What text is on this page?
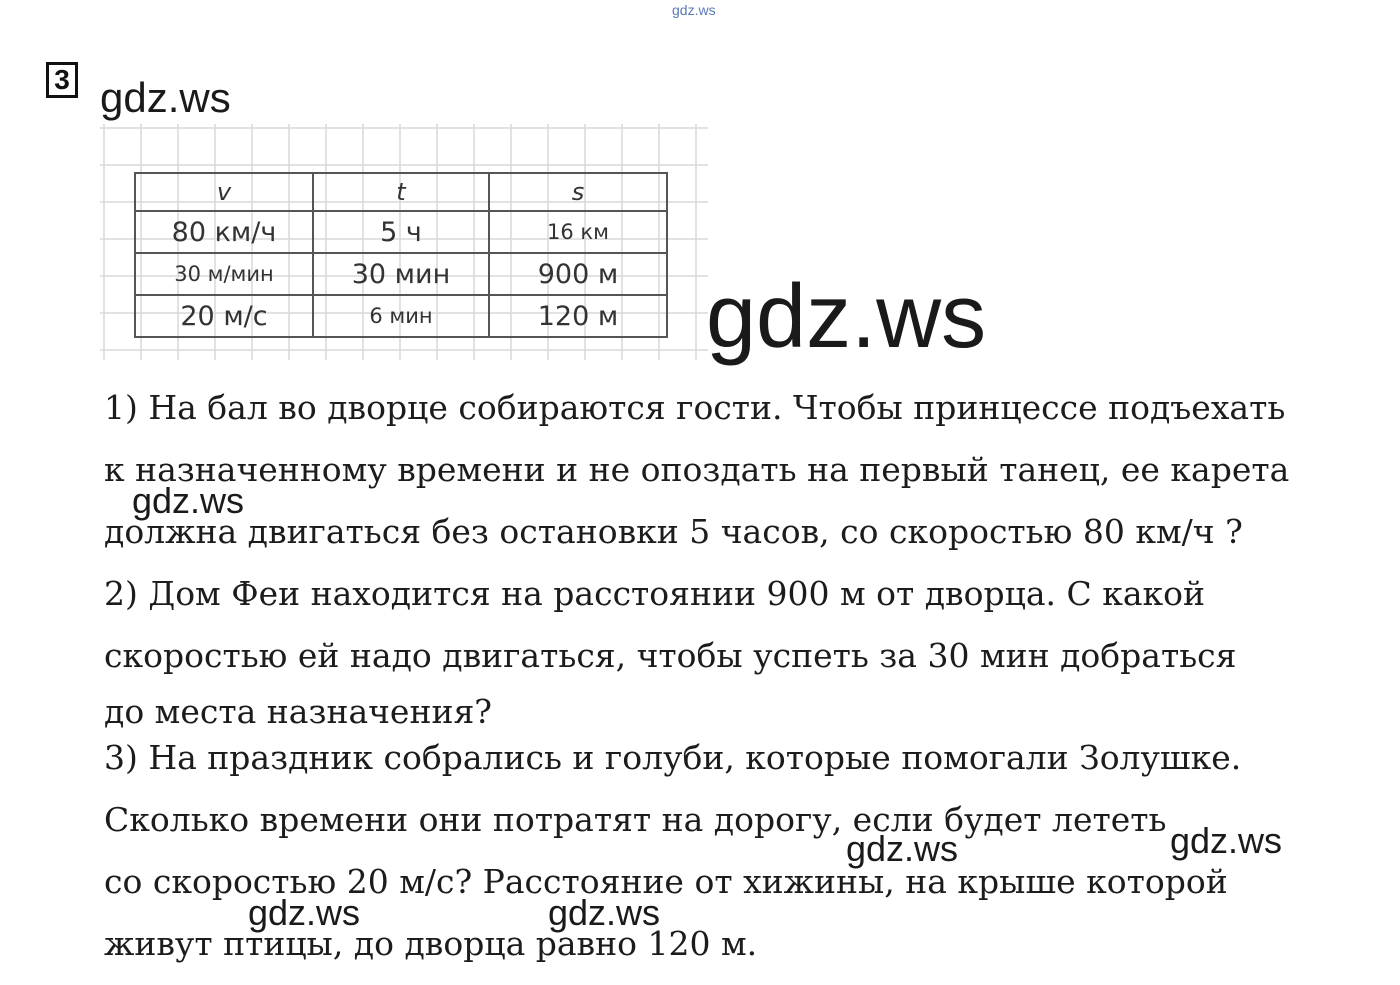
gdz.ws
3 gdz.ws
v	t	s
80 км/ч	5 ч	16 км
30 м/мин	30 мин	900 м
20 м/с	6 мин	120 м gdz.ws
1) На бал во дворце собираются гости. Чтобы принцессе подъехать
к назначенному времени и не опоздать на первый танец, ее карета
gdz.ws
должна двигаться без остановки 5 часов, со скоростью 80 км/ч ?
2) Дом Феи находится на расстоянии 900 м от дворца. С какой
скоростью ей надо двигаться, чтобы успеть за 30 мин добраться
до места назначения?
3) На праздник собрались и голуби, которые помогали Золушке.
Сколько времени они потратят на дорогу, если будет лететь
gdz.ws	gdz.ws
со скоростью 20 м/с? Расстояние от хижины, на крыше которой
gdz.ws	gdz.ws
живут птицы, до дворца равно 120 м.
